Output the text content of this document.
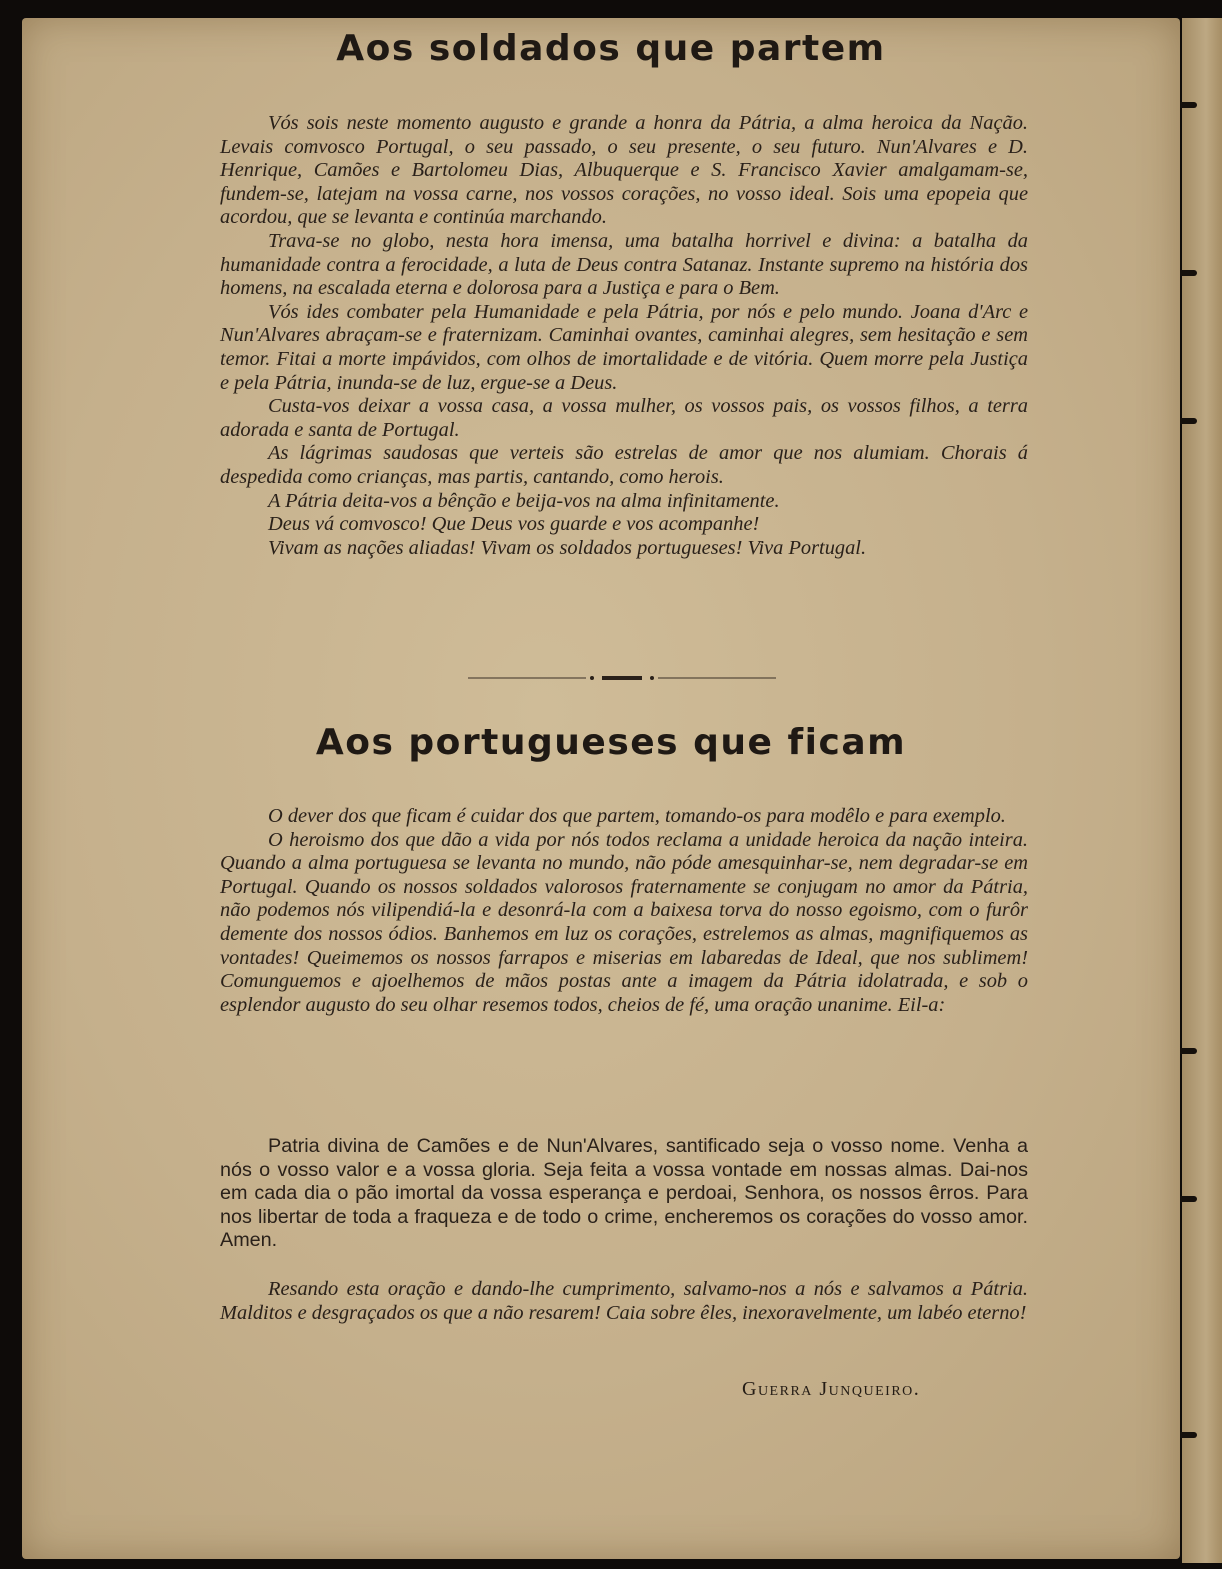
Aos soldados que partem

Vós sois neste momento augusto e grande a honra da Pátria, a alma heroica da Nação. Levais comvosco Portugal, o seu passado, o seu presente, o seu futuro. Nun'Alvares e D. Henrique, Camões e Bartolomeu Dias, Albuquerque e S. Francisco Xavier amalgamam-se, fundem-se, latejam na vossa carne, nos vossos corações, no vosso ideal. Sois uma epopeia que acordou, que se levanta e continúa marchando.

Trava-se no globo, nesta hora imensa, uma batalha horrivel e divina: a batalha da humanidade contra a ferocidade, a luta de Deus contra Satanaz. Instante supremo na história dos homens, na escalada eterna e dolorosa para a Justiça e para o Bem.

Vós ides combater pela Humanidade e pela Pátria, por nós e pelo mundo. Joana d'Arc e Nun'Alvares abraçam-se e fraternizam. Caminhai ovantes, caminhai alegres, sem hesitação e sem temor. Fitai a morte impávidos, com olhos de imortalidade e de vitória. Quem morre pela Justiça e pela Pátria, inunda-se de luz, ergue-se a Deus.

Custa-vos deixar a vossa casa, a vossa mulher, os vossos pais, os vossos filhos, a terra adorada e santa de Portugal.

As lágrimas saudosas que verteis são estrelas de amor que nos alumiam. Chorais á despedida como crianças, mas partis, cantando, como herois.

A Pátria deita-vos a bênção e beija-vos na alma infinitamente.

Deus vá comvosco! Que Deus vos guarde e vos acompanhe!

Vivam as nações aliadas! Vivam os soldados portugueses! Viva Portugal.

Aos portugueses que ficam

O dever dos que ficam é cuidar dos que partem, tomando-os para modêlo e para exemplo.

O heroismo dos que dão a vida por nós todos reclama a unidade heroica da nação inteira. Quando a alma portuguesa se levanta no mundo, não póde amesquinhar-se, nem degradar-se em Portugal. Quando os nossos soldados valorosos fraternamente se conjugam no amor da Pátria, não podemos nós vilipendiá-la e desonrá-la com a baixesa torva do nosso egoismo, com o furôr demente dos nossos ódios. Banhemos em luz os corações, estrelemos as almas, magnifiquemos as vontades! Queimemos os nossos farrapos e miserias em labaredas de Ideal, que nos sublimem! Comunguemos e ajoelhemos de mãos postas ante a imagem da Pátria idolatrada, e sob o esplendor augusto do seu olhar resemos todos, cheios de fé, uma oração unanime. Eil-a:

Patria divina de Camões e de Nun'Alvares, santificado seja o vosso nome. Venha a nós o vosso valor e a vossa gloria. Seja feita a vossa vontade em nossas almas. Dai-nos em cada dia o pão imortal da vossa esperança e perdoai, Senhora, os nossos êrros. Para nos libertar de toda a fraqueza e de todo o crime, encheremos os corações do vosso amor. Amen.

Resando esta oração e dando-lhe cumprimento, salvamo-nos a nós e salvamos a Pátria. Malditos e desgraçados os que a não resarem! Caia sobre êles, inexoravelmente, um labéo eterno!

Guerra Junqueiro.
